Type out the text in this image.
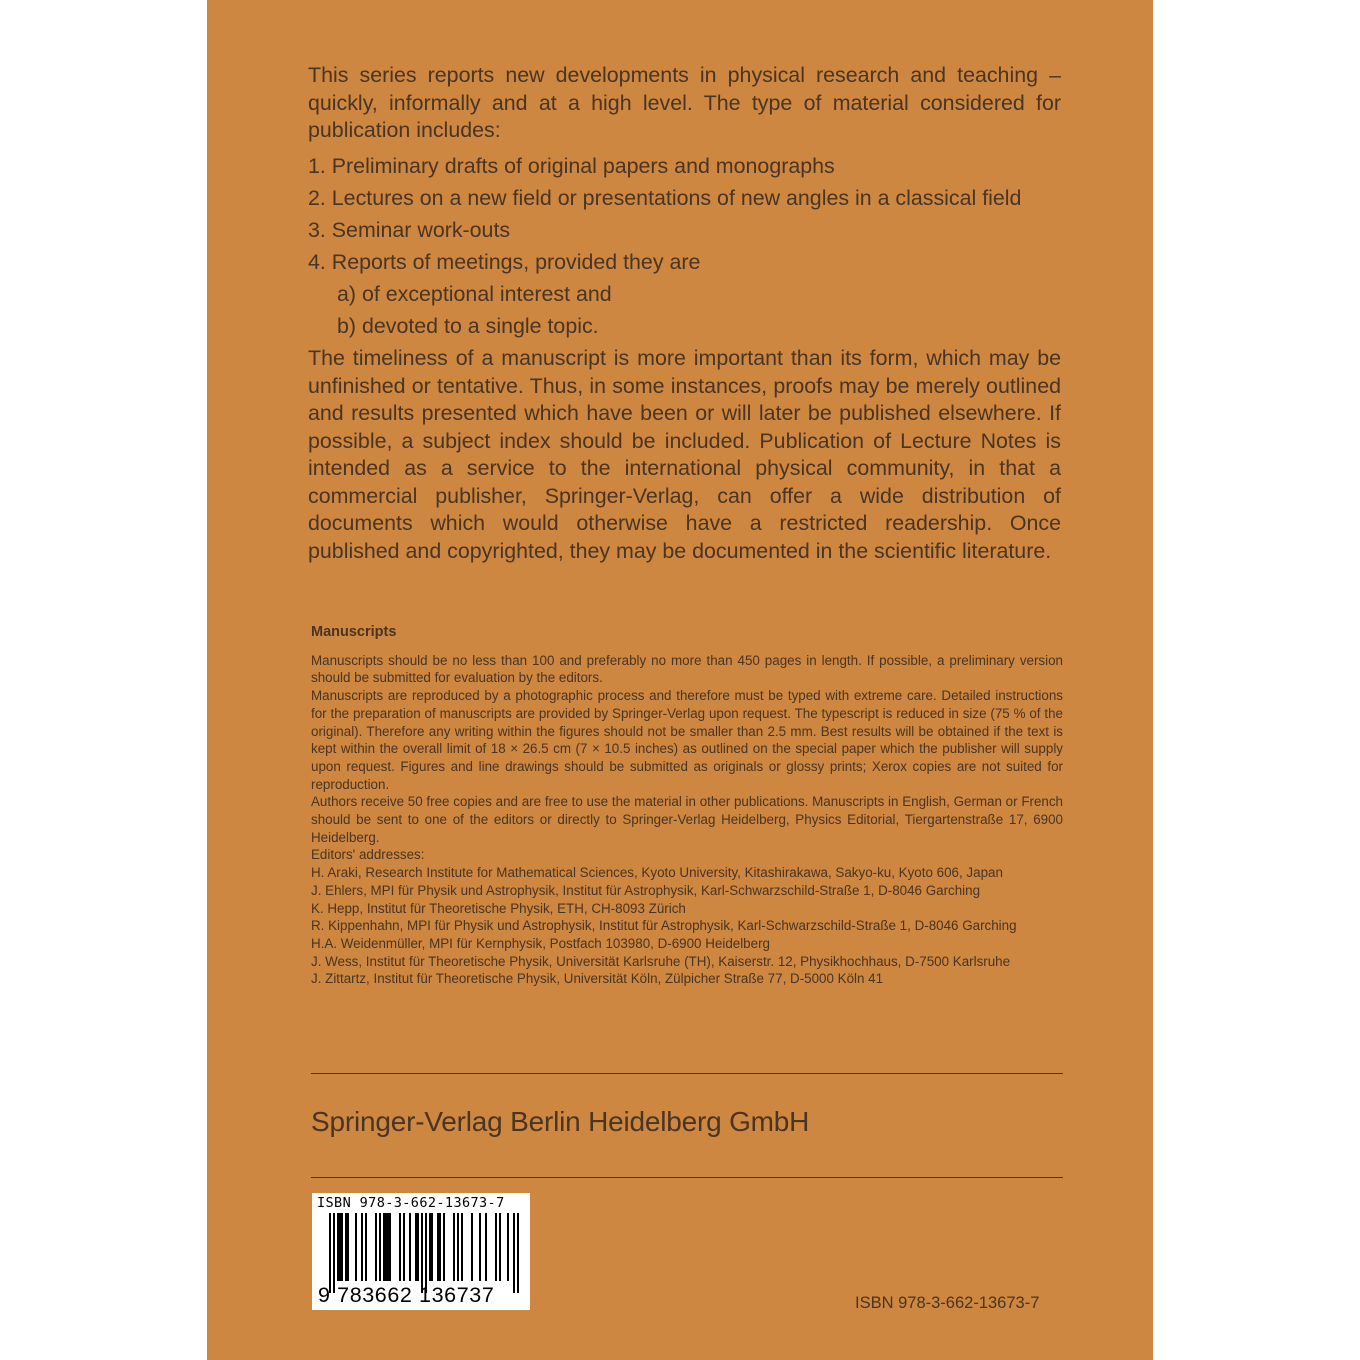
This series reports new developments in physical research and teaching – quickly, informally and at a high level. The type of material considered for publication includes:

1. Preliminary drafts of original papers and monographs
2. Lectures on a new field or presentations of new angles in a classical field
3. Seminar work-outs
4. Reports of meetings, provided they are
a) of exceptional interest and
b) devoted to a single topic.

The timeliness of a manuscript is more important than its form, which may be unfinished or tentative. Thus, in some instances, proofs may be merely outlined and results presented which have been or will later be published elsewhere. If possible, a subject index should be included. Publication of Lecture Notes is intended as a service to the international physical community, in that a commercial publisher, Springer-Verlag, can offer a wide distribution of documents which would otherwise have a restricted readership. Once published and copyrighted, they may be documented in the scientific literature.

Manuscripts

Manuscripts should be no less than 100 and preferably no more than 450 pages in length. If possible, a preliminary version should be submitted for evaluation by the editors.

Manuscripts are reproduced by a photographic process and therefore must be typed with extreme care. Detailed instructions for the preparation of manuscripts are provided by Springer-Verlag upon request. The typescript is reduced in size (75 % of the original). Therefore any writing within the figures should not be smaller than 2.5 mm. Best results will be obtained if the text is kept within the overall limit of 18 × 26.5 cm (7 × 10.5 inches) as outlined on the special paper which the publisher will supply upon request. Figures and line drawings should be submitted as originals or glossy prints; Xerox copies are not suited for reproduction.

Authors receive 50 free copies and are free to use the material in other publications. Manuscripts in English, German or French should be sent to one of the editors or directly to Springer-Verlag Heidelberg, Physics Editorial, Tiergartenstraße 17, 6900 Heidelberg.

Editors' addresses:

H. Araki, Research Institute for Mathematical Sciences, Kyoto University, Kitashirakawa, Sakyo-ku, Kyoto 606, Japan

J. Ehlers, MPI für Physik und Astrophysik, Institut für Astrophysik, Karl-Schwarzschild-Straße 1, D-8046 Garching

K. Hepp, Institut für Theoretische Physik, ETH, CH-8093 Zürich

R. Kippenhahn, MPI für Physik und Astrophysik, Institut für Astrophysik, Karl-Schwarzschild-Straße 1, D-8046 Garching

H.A. Weidenmüller, MPI für Kernphysik, Postfach 103980, D-6900 Heidelberg

J. Wess, Institut für Theoretische Physik, Universität Karlsruhe (TH), Kaiserstr. 12, Physikhochhaus, D-7500 Karlsruhe

J. Zittartz, Institut für Theoretische Physik, Universität Köln, Zülpicher Straße 77, D-5000 Köln 41

Springer-Verlag Berlin Heidelberg GmbH
ISBN 978-3-662-13673-7
9 783662 136737	ISBN 978-3-662-13673-7
